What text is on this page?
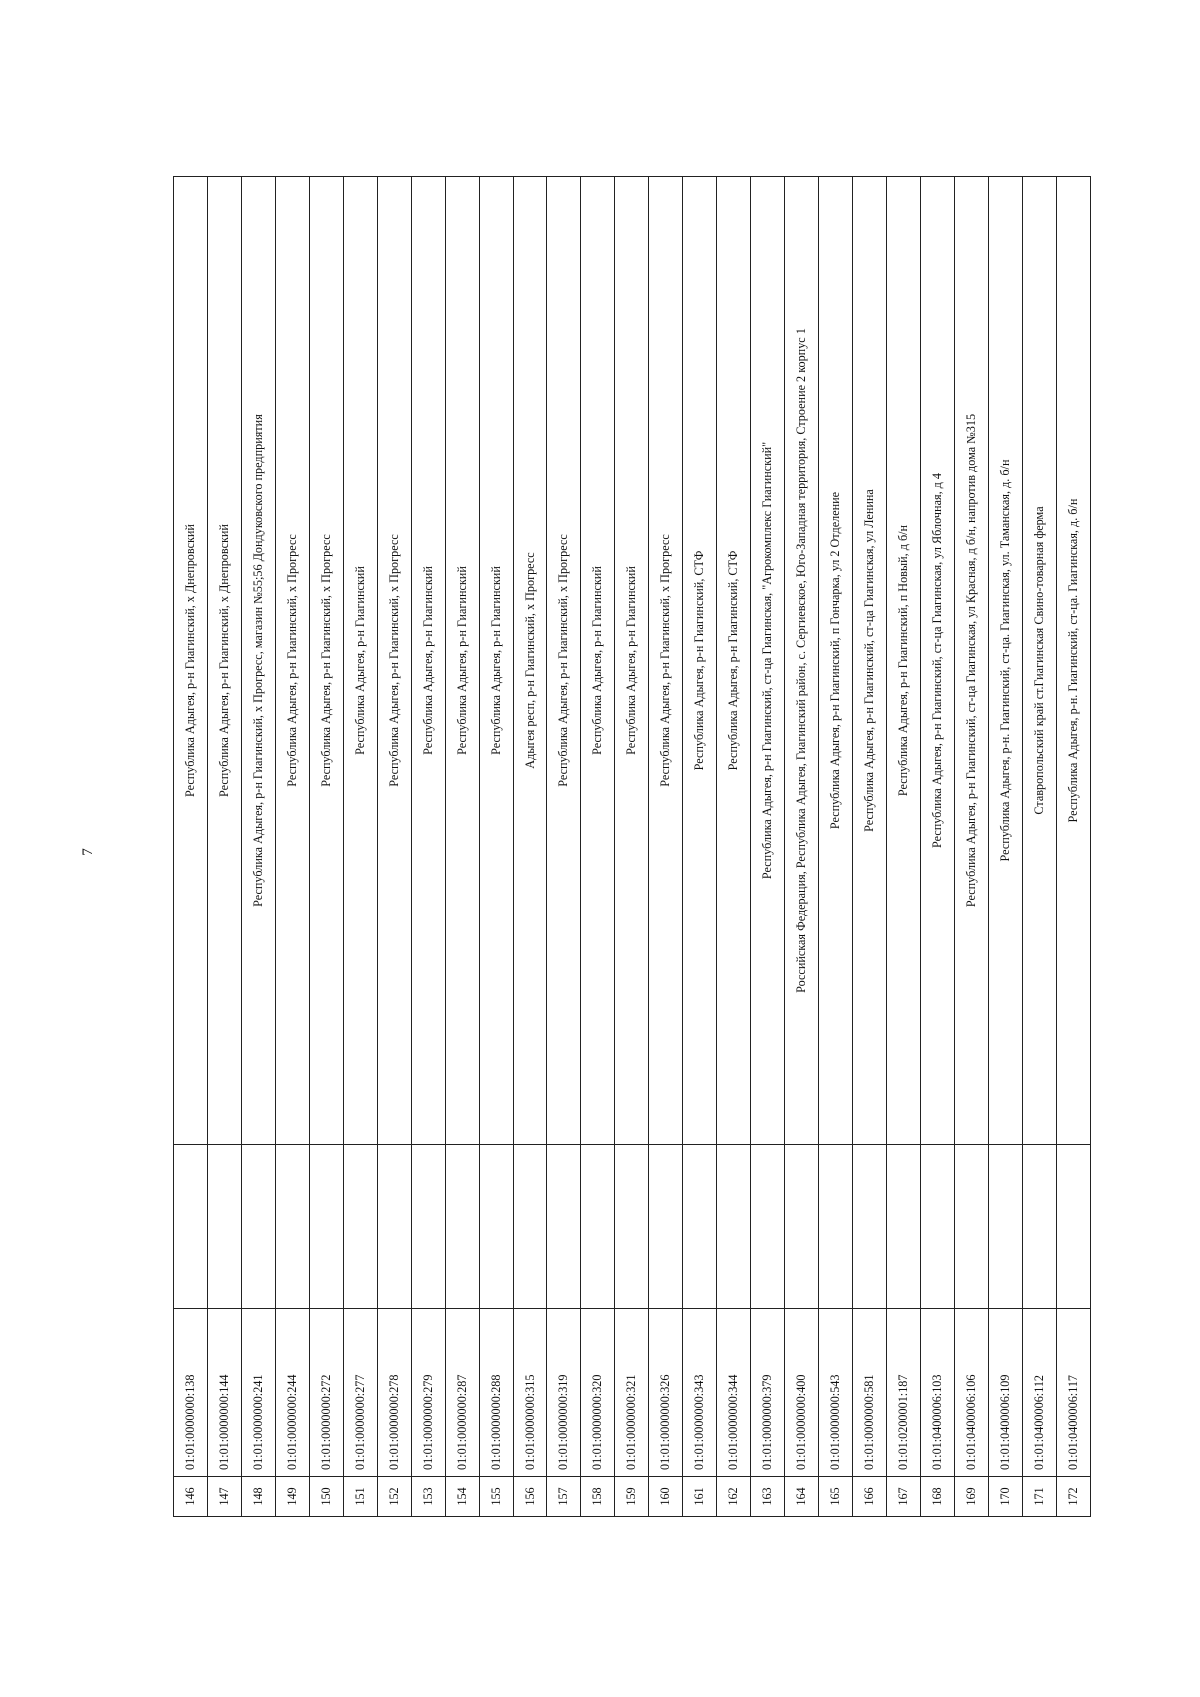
7
146	01:01:0000000:138		Республика Адыгея, р-н Гиагинский, х Днепровский
147	01:01:0000000:144		Республика Адыгея, р-н Гиагинский, х Днепровский
148	01:01:0000000:241		Республика Адыгея, р-н Гиагинский, х Прогресс, магазин №55;56 Дондуковского предприятия
149	01:01:0000000:244		Республика Адыгея, р-н Гиагинский, х Прогресс
150	01:01:0000000:272		Республика Адыгея, р-н Гиагинский, х Прогресс
151	01:01:0000000:277		Республика Адыгея, р-н Гиагинский
152	01:01:0000000:278		Республика Адыгея, р-н Гиагинский, х Прогресс
153	01:01:0000000:279		Республика Адыгея, р-н Гиагинский
154	01:01:0000000:287		Республика Адыгея, р-н Гиагинский
155	01:01:0000000:288		Республика Адыгея, р-н Гиагинский
156	01:01:0000000:315		Адыгея респ, р-н Гиагинский, х Прогресс
157	01:01:0000000:319		Республика Адыгея, р-н Гиагинский, х Прогресс
158	01:01:0000000:320		Республика Адыгея, р-н Гиагинский
159	01:01:0000000:321		Республика Адыгея, р-н Гиагинский
160	01:01:0000000:326		Республика Адыгея, р-н Гиагинский, х Прогресс
161	01:01:0000000:343		Республика Адыгея, р-н Гиагинский, СТФ
162	01:01:0000000:344		Республика Адыгея, р-н Гиагинский, СТФ
163	01:01:0000000:379		Республика Адыгея, р-н Гиагинский, ст-ца Гиагинская, "Агрокомплекс Гиагинский"
164	01:01:0000000:400		Российская Федерация, Республика Адыгея, Гиагинский район, с. Сергиевское, Юго-Западная территория, Строение 2 корпус 1
165	01:01:0000000:543		Республика Адыгея, р-н Гиагинский, п Гончарка, ул 2 Отделение
166	01:01:0000000:581		Республика Адыгея, р-н Гиагинский, ст-ца Гиагинская, ул Ленина
167	01:01:0200001:187		Республика Адыгея, р-н Гиагинский, п Новый, д б/н
168	01:01:0400006:103		Республика Адыгея, р-н Гиагинский, ст-ца Гиагинская, ул Яблочная, д 4
169	01:01:0400006:106		Республика Адыгея, р-н Гиагинский, ст-ца Гиагинская, ул Красная, д б/н, напротив дома №315
170	01:01:0400006:109		Республика Адыгея, р-н. Гиагинский, ст-ца. Гиагинская, ул. Таманская, д. б/н
171	01:01:0400006:112		Ставропольский край ст.Гиагинская Свино-товарная ферма
172	01:01:0400006:117		Республика Адыгея, р-н. Гиагинский, ст-ца. Гиагинская, д. б/н
